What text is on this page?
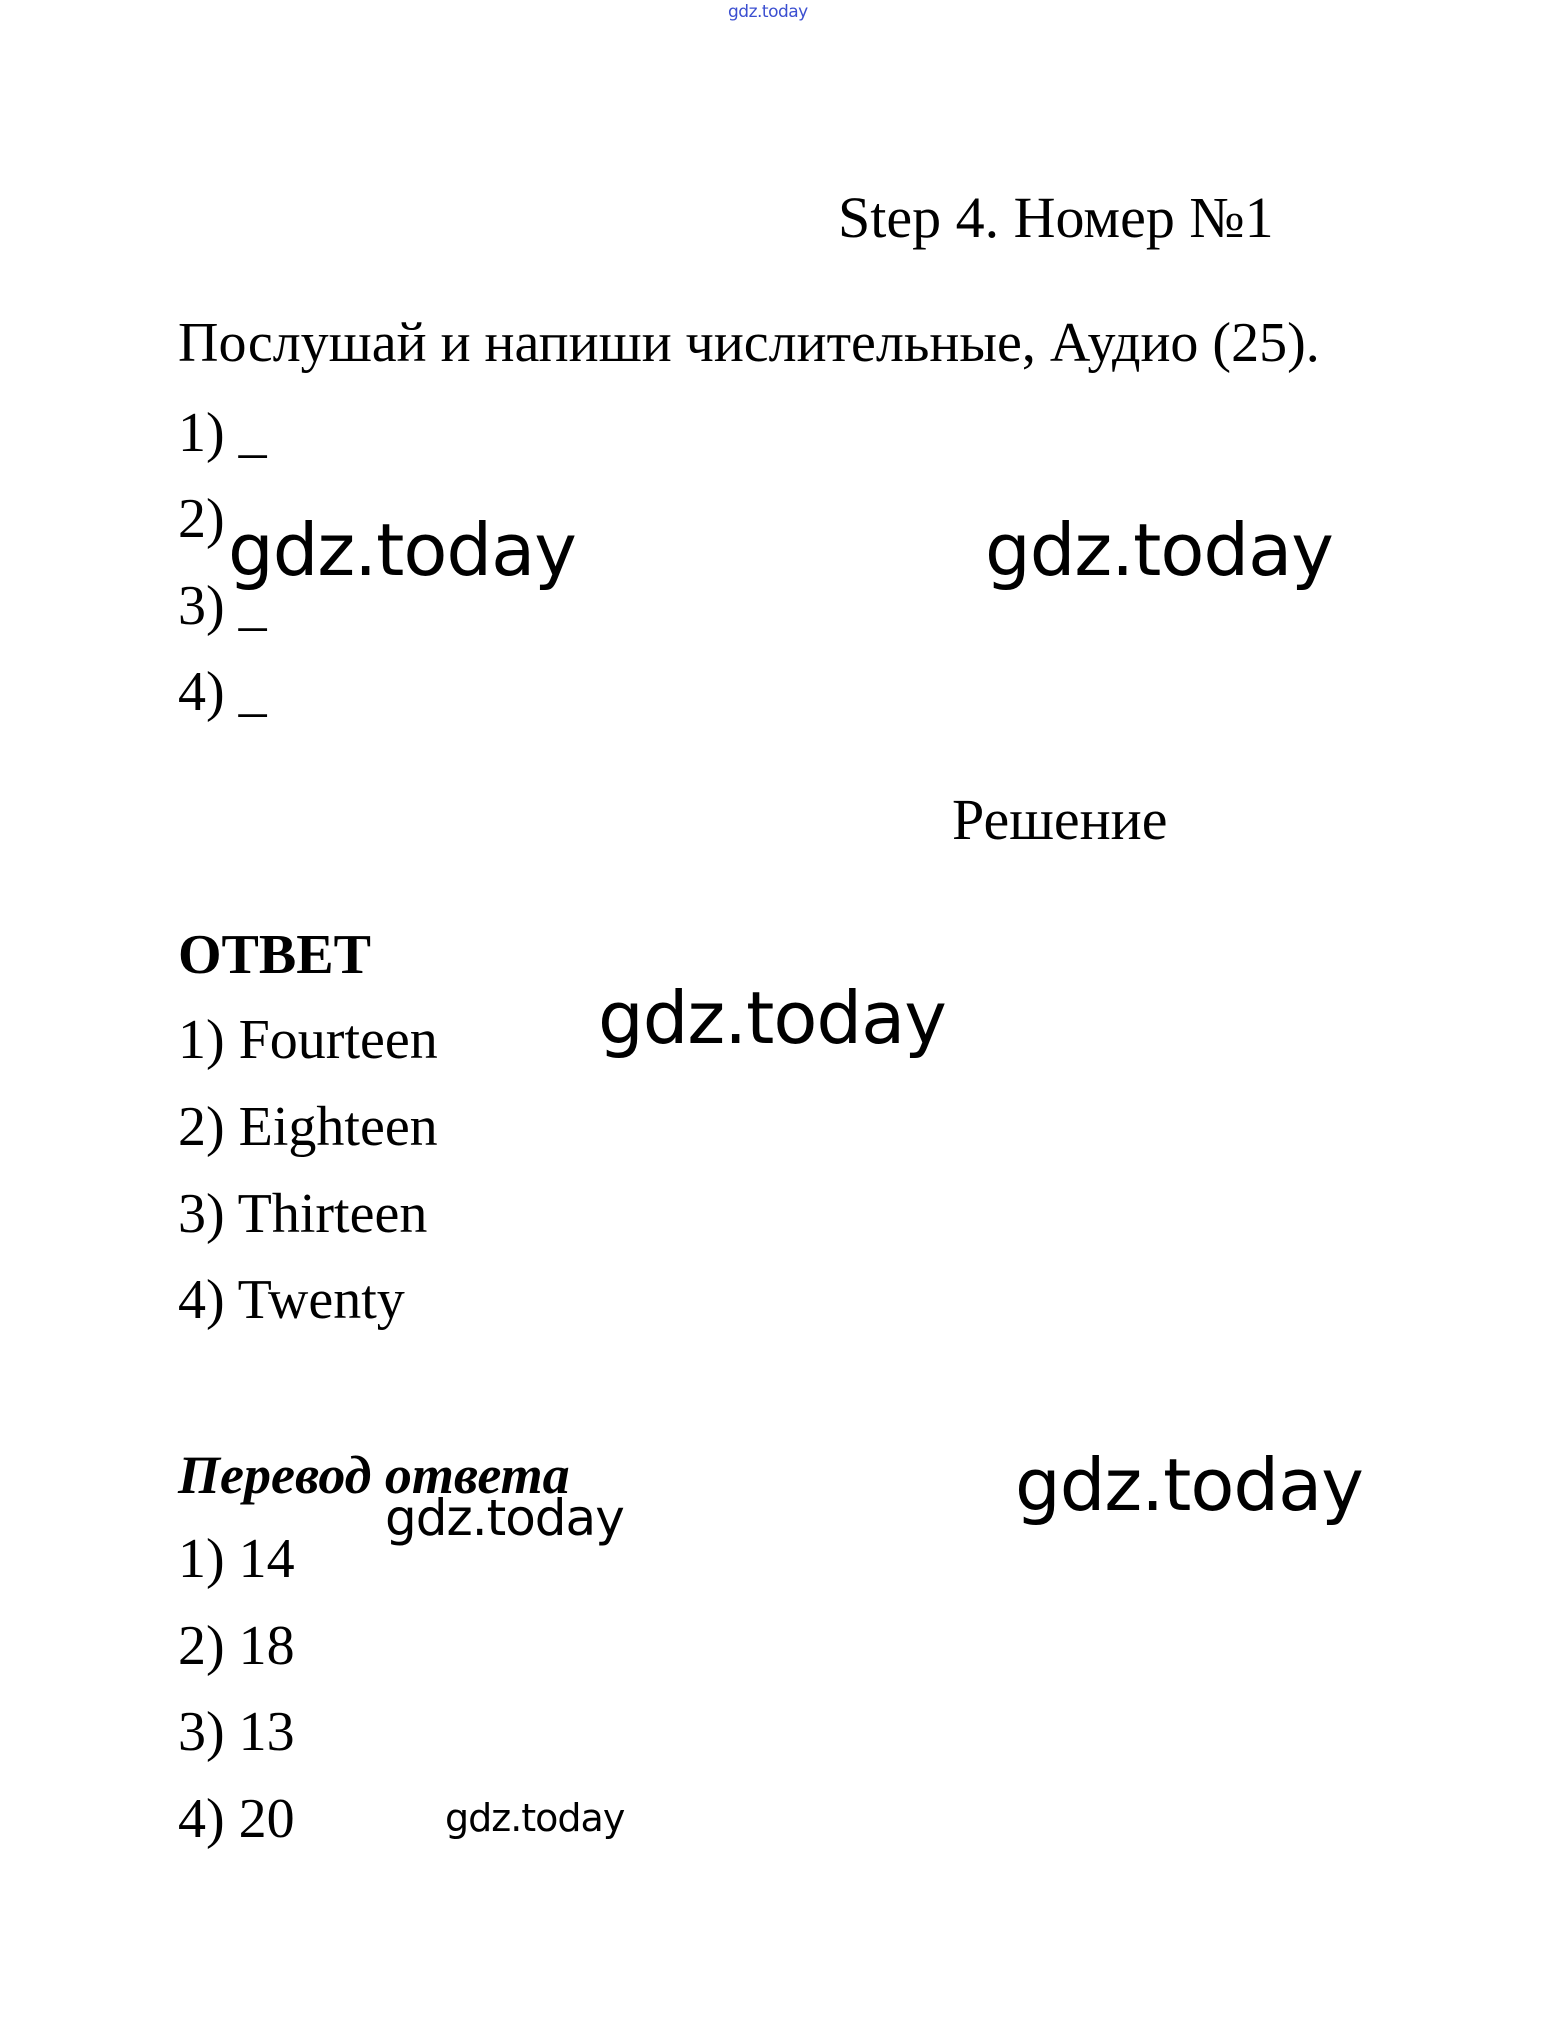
gdz.today
Step 4. Номер №1
Послушай и напиши числительные, Аудио (25).
1) _
2)
3) _
4) _
Решение
ОТВЕТ
1) Fourteen
2) Eighteen
3) Thirteen
4) Twenty
Перевод ответа
1) 14
2) 18
3) 13
4) 20
gdz.today	gdz.today
gdz.today
gdz.today
gdz.today
gdz.today
